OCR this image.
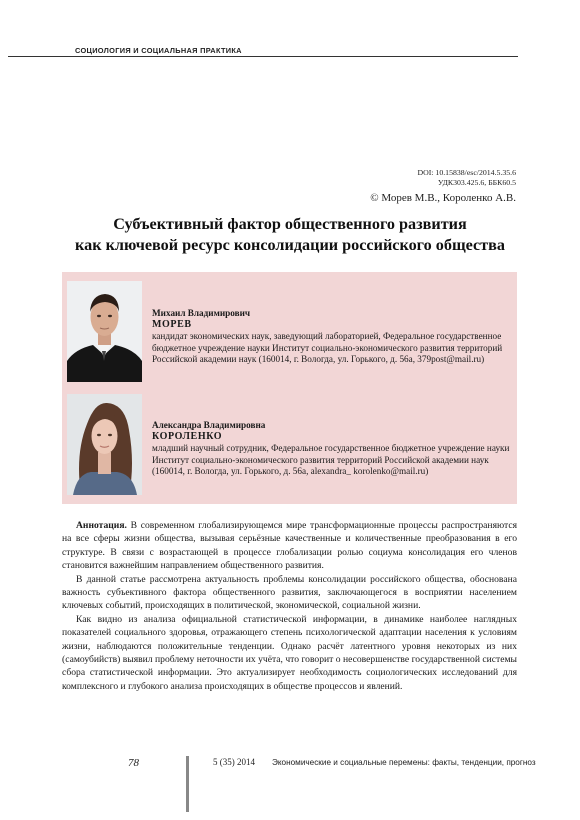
СОЦИОЛОГИЯ И СОЦИАЛЬНАЯ ПРАКТИКА
DOI: 10.15838/esc/2014.5.35.6
УДК303.425.6, ББК60.5
© Морев М.В., Короленко А.В.
Субъективный фактор общественного развития
как ключевой ресурс консолидации российского общества
Михаил Владимирович
МОРЕВ
кандидат экономических наук, заведующий лабораторией, Федеральное государственное бюджетное учреждение науки Институт социально-экономического развития территорий Российской академии наук (160014, г. Вологда, ул. Горького, д. 56а, 379post@mail.ru)
Александра Владимировна
КОРОЛЕНКО
младший научный сотрудник, Федеральное государственное бюджетное учреждение науки Институт социально-экономического развития территорий Российской академии наук (160014, г. Вологда, ул. Горького, д. 56а, alexandra_ korolenko@mail.ru)

Аннотация. В современном глобализирующемся мире трансформационные процессы распространяются на все сферы жизни общества, вызывая серьёзные качественные и количественные преобразования в его структуре. В связи с возрастающей в процессе глобализации ролью социума консолидация его членов становится важнейшим направлением общественного развития.

В данной статье рассмотрена актуальность проблемы консолидации российского общества, обоснована важность субъективного фактора общественного развития, заключающегося в восприятии населением ключевых событий, происходящих в политической, экономической, социальной жизни.

Как видно из анализа официальной статистической информации, в динамике наиболее наглядных показателей социального здоровья, отражающего степень психологической адаптации населения к условиям жизни, наблюдаются положительные тенденции. Однако расчёт латентного уровня некоторых из них (самоубийств) выявил проблему неточности их учёта, что говорит о несовершенстве государственной системы сбора статистической информации. Это актуализирует необходимость социологических исследований для комплексного и глубокого анализа происходящих в обществе процессов и явлений.

78	5 (35) 2014 Экономические и социальные перемены: факты, тенденции, прогноз
